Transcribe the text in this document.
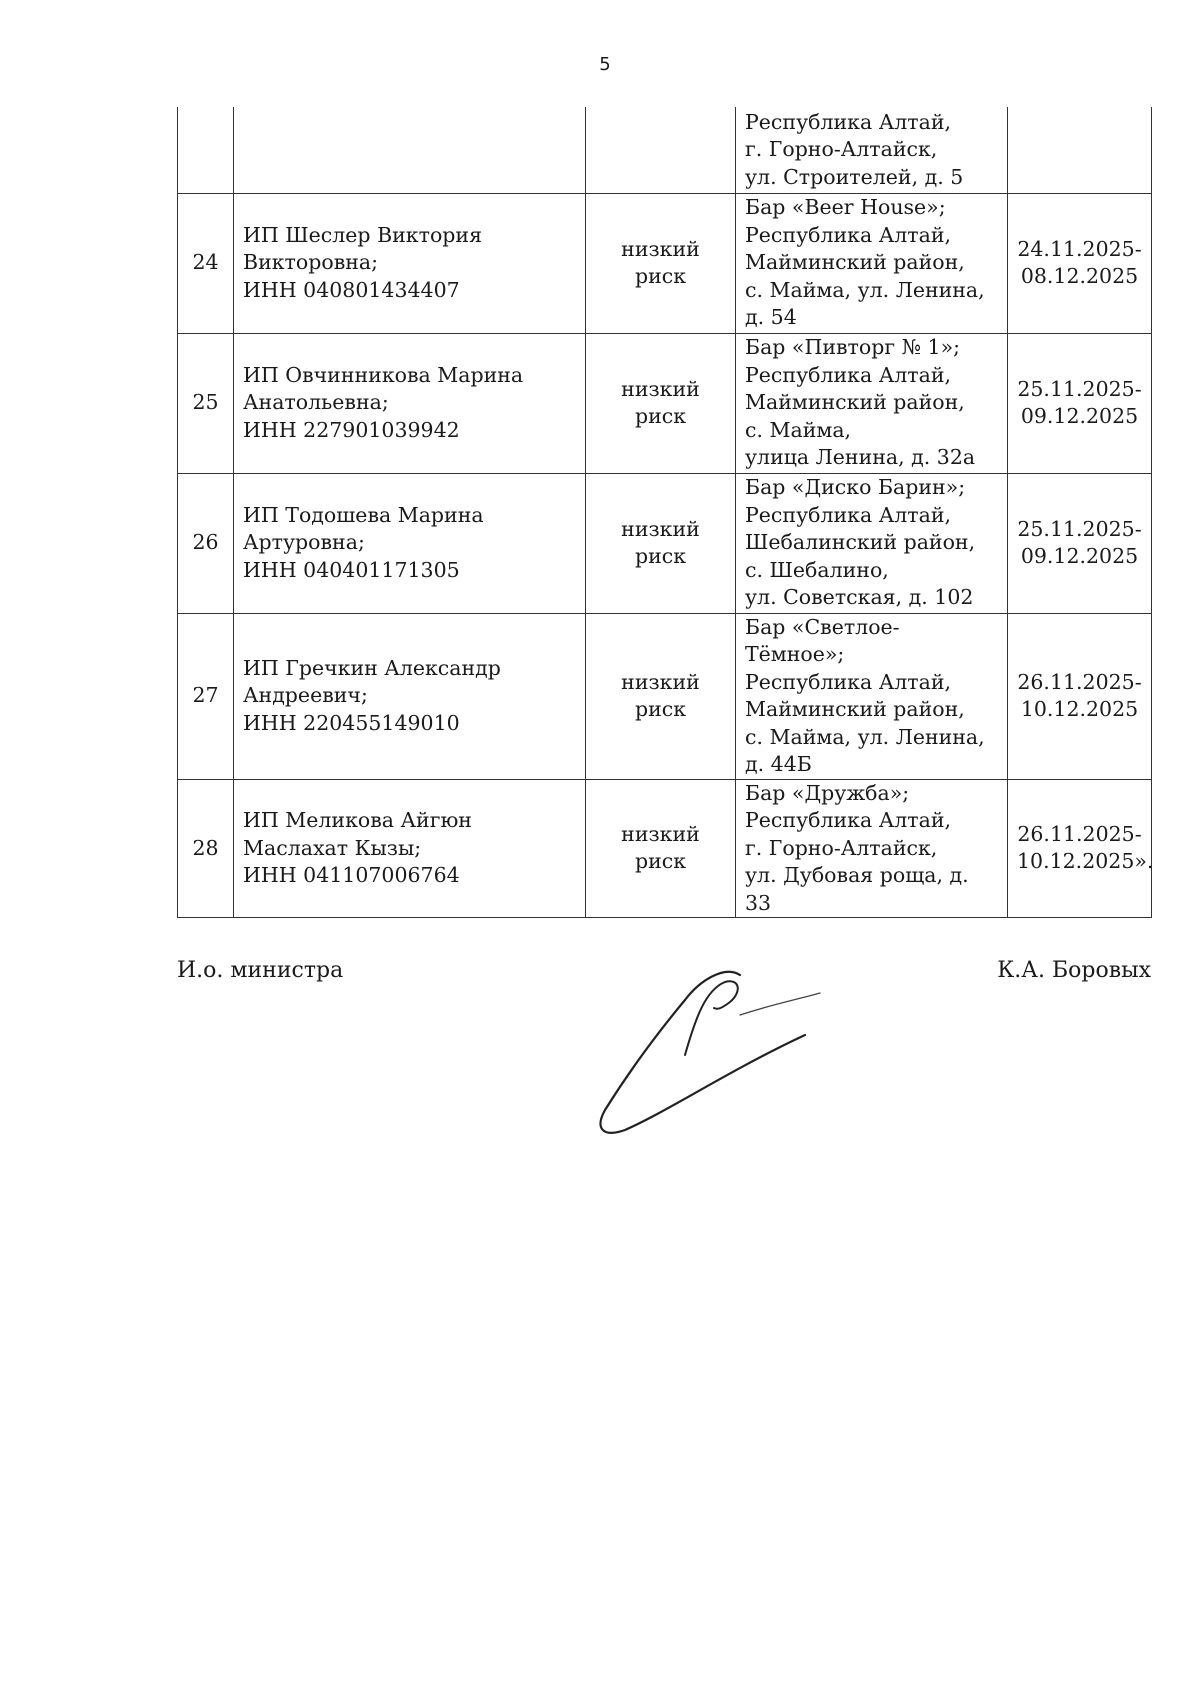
5
			Республика Алтай,
г. Горно-Алтайск,
ул. Строителей, д. 5	
24	ИП Шеслер Виктория
Викторовна;
ИНН 040801434407	низкий
риск	Бар «Beer House»;
Республика Алтай,
Майминский район,
с. Майма, ул. Ленина,
д. 54	24.11.2025-
08.12.2025
25	ИП Овчинникова Марина
Анатольевна;
ИНН 227901039942	низкий
риск	Бар «Пивторг № 1»;
Республика Алтай,
Майминский район,
с. Майма,
улица Ленина, д. 32а	25.11.2025-
09.12.2025
26	ИП Тодошева Марина
Артуровна;
ИНН 040401171305	низкий
риск	Бар «Диско Барин»;
Республика Алтай,
Шебалинский район,
с. Шебалино,
ул. Советская, д. 102	25.11.2025-
09.12.2025
27	ИП Гречкин Александр
Андреевич;
ИНН 220455149010	низкий
риск	Бар «Светлое-Тёмное»;
Республика Алтай,
Майминский район,
с. Майма, ул. Ленина,
д. 44Б	26.11.2025-
10.12.2025
28	ИП Меликова Айгюн
Маслахат Кызы;
ИНН 041107006764	низкий
риск	Бар «Дружба»;
Республика Алтай,
г. Горно-Алтайск,
ул. Дубовая роща, д. 33	26.11.2025-
10.12.2025».
И.о. министра	К.А. Боровых
